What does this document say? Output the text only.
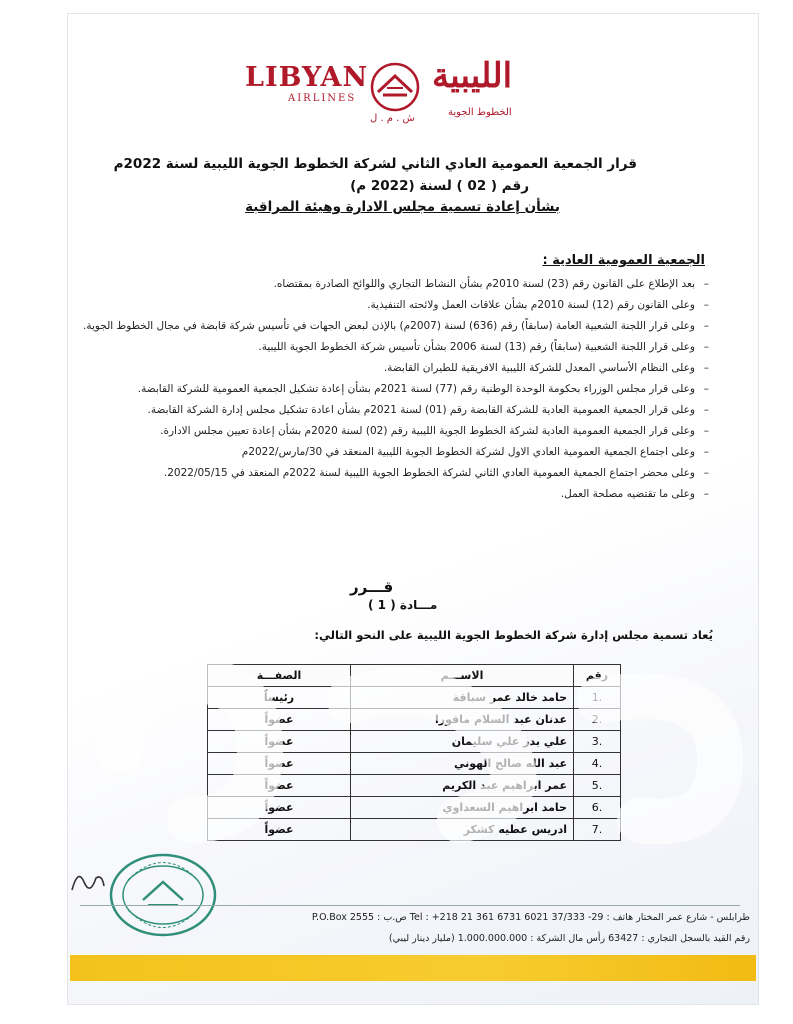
LIBYAN
AIRLINES
الليبية
الخطوط الجوية
ش . م . ل
قرار الجمعية العمومية العادي الثاني لشركة الخطوط الجوية الليبية لسنة 2022م
رقم ( 02 ) لسنة (2022 م)
بشأن إعادة تسمية مجلس الادارة وهيئة المراقبة
الجمعية العمومية العادية :
– بعد الإطلاع على القانون رقم (23) لسنة 2010م بشأن النشاط التجاري واللوائح الصادرة بمقتضاه.
– وعلى القانون رقم (12) لسنة 2010م بشأن علاقات العمل ولائحته التنفيذية.
– وعلى قرار اللجنة الشعبية العامة (سابقاً) رقم (636) لسنة (2007م) بالإذن لبعض الجهات في تأسيس شركة قابضة في مجال الخطوط الجوية.
– وعلى قرار اللجنة الشعبية (سابقاً) رقم (13) لسنة 2006 بشأن تأسيس شركة الخطوط الجوية الليبية.
– وعلى النظام الأساسي المعدل للشركة الليبية الافريقية للطيران القابضة.
– وعلى قرار مجلس الوزراء بحكومة الوحدة الوطنية رقم (77) لسنة 2021م بشأن إعادة تشكيل الجمعية العمومية للشركة القابضة.
– وعلى قرار الجمعية العمومية العادية للشركة القابضة رقم (01) لسنة 2021م بشأن اعادة تشكيل مجلس إدارة الشركة القابضة.
– وعلى قرار الجمعية العمومية العادية لشركة الخطوط الجوية الليبية رقم (02) لسنة 2020م بشأن إعادة تعيين مجلس الادارة.
– وعلى اجتماع الجمعية العمومية العادي الاول لشركة الخطوط الجوية الليبية المنعقد في 30/مارس/2022م
– وعلى محضر اجتماع الجمعية العمومية العادي الثاني لشركة الخطوط الجوية الليبية لسنة 2022م المنعقد في 2022/05/15.
– وعلى ما تقتضيه مصلحة العمل.
قـــرر
مـــادة ( 1 )
يُعاد تسمية مجلس إدارة شركة الخطوط الجوية الليبية على النحو التالي:
رقم	الاســـم	الصفـــة
1.	حامد خالد عمر سباقة	رئيساً
2.	عدنان عبد السلام ماقورا	عضواً
3.	علي بدر علي سليمان	عضواً
4.	عبد الله صالح الهوني	عضواً
5.	عمر ابراهيم عبد الكريم	عضواً
6.	حامد ابراهيم السعداوي	عضواً
7.	ادريس عطيه كشكر	عضواً
طرابلس - شارع عمر المختار هاتف : 29- 37/333 6021 Tel : +218 21 361 6731 ص.ب : 2555 P.O.Box
رقم القيد بالسجل التجاري : 63427 رأس مال الشركة : 1.000.000.000 (مليار دينار ليبي)
